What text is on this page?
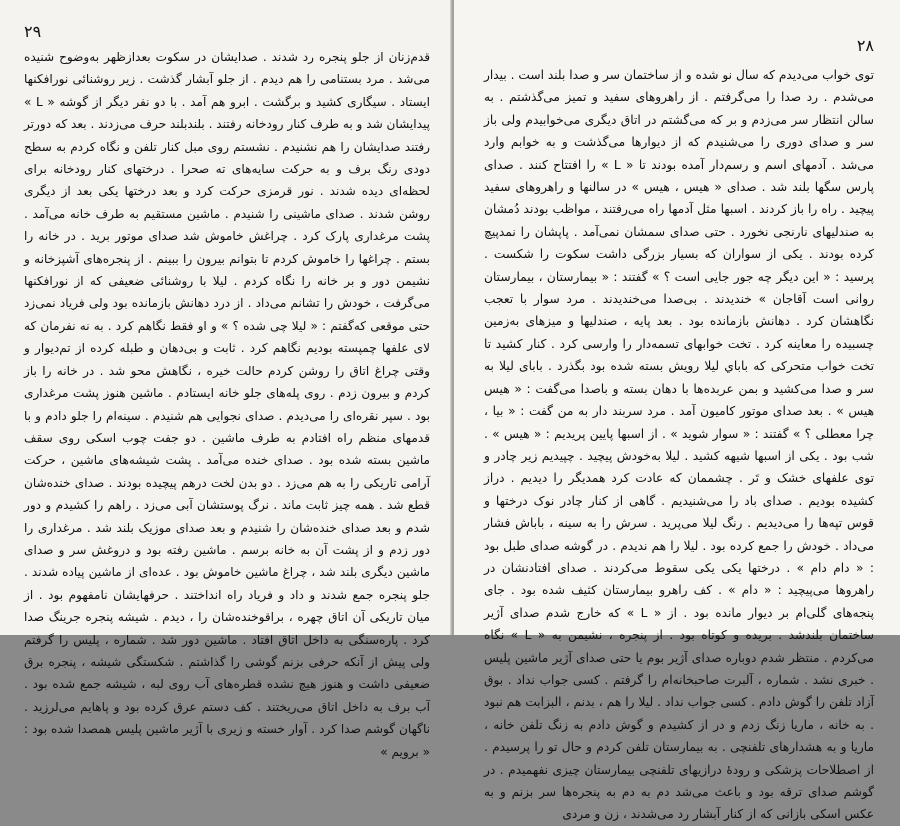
۲۹

قدم‌زنان از جلو پنجره رد شدند . صدایشان در سکوت بعدازظهر به‌وضوح شنیده می‌شد . مرد بستنامی را هم دیدم . از جلو آبشار گذشت . زیر روشنائی نورافکنها ایستاد . سیگاری کشید و برگشت . ابرو هم آمد . با دو نفر دیگر از گوشه « L » پیدایشان شد و به طرف کنار رودخانه رفتند . بلندبلند حرف می‌زدند . بعد که دورتر رفتند صدایشان را هم نشنیدم . نشستم روی مبل کنار تلفن و نگاه کردم به سطح دودی رنگ برف و به حرکت سایه‌های ته صحرا . درختهای کنار رودخانه برای لحظه‌ای دیده شدند . نور قرمزی حرکت کرد و بعد درختها یکی بعد از دیگری روشن شدند . صدای ماشینی را شنیدم . ماشین مستقیم به طرف خانه می‌آمد . پشت مرغداری پارک کرد . چراغش خاموش شد صدای موتور برید . در خانه را بستم . چراغها را خاموش کردم تا بتوانم بیرون را ببینم . از پنجره‌های آشپزخانه و نشیمن دور و بر خانه را نگاه کردم . لیلا با روشنائی ضعیفی که از نورافکنها می‌گرفت ، خودش را تشانم می‌داد . از درد دهانش بازمانده بود ولی فریاد نمی‌زد حتی موقعی که‌گفتم : « لیلا چی شده ؟ » و او فقط نگاهم کرد . به نه نفرمان که لای علفها چمپسته بودیم نگاهم کرد . ثابت و بی‌دهان و طبله کرده از تم‌دیوار و وقتی چراغ اتاق را روشن کردم حالت خیره ، نگاهش محو شد . در خانه را باز کردم و بیرون زدم . روی پله‌های جلو خانه ایستادم . ماشین هنوز پشت مرغداری بود . سپر نقره‌ای را می‌دیدم . صدای نجوایی هم شنیدم . سینه‌ام را جلو دادم و با قدمهای منظم راه افتادم به طرف ماشین . دو جفت چوب اسکی روی سقف ماشین بسته شده بود . صدای خنده می‌آمد . پشت شیشه‌های ماشین ، حرکت آرامی تاریکی را به هم می‌زد . دو بدن لخت درهم پیچیده بودند . صدای خنده‌شان قطع شد . همه چیز ثابت ماند . نرگ پوستشان آبی می‌زد . راهم را کشیدم و دور شدم و بعد صدای خنده‌شان را شنیدم و بعد صدای موزیک بلند شد . مرغداری را دور زدم و از پشت آن به خانه برسم . ماشین رفته بود و دروغش سر و صدای ماشین دیگری بلند شد ، چراغ ماشین خاموش بود . عده‌ای از ماشین پیاده شدند . جلو پنجره جمع شدند و داد و فریاد راه انداختند . حرفهایشان نامفهوم بود . از میان تاریکی آن اتاق چهره ، براقوخنده‌شان را ، دیدم . شیشه پنجره جرینگ صدا کرد . پاره‌سنگی به داخل اتاق افتاد . ماشین دور شد . شماره ، پلیس را گرفتم ولی پیش از آنکه حرفی بزنم گوشی را گذاشتم . شکستگی شیشه ، پنجره برق ضعیفی داشت و هنوز هیچ نشده قطره‌های آب روی لبه ، شیشه جمع شده بود . آب برف به داخل اتاق می‌ریختند . کف دستم عرق کرده بود و پاهایم می‌لرزید . ناگهان گوشم صدا کرد . آوار خسته و زیری با آژیر ماشین پلیس همصدا شده بود : « برویم »

۲۸

توی خواب می‌دیدم که سال نو شده و از ساختمان سر و صدا بلند است . بیدار می‌شدم . رد صدا را می‌گرفتم . از راهروهای سفید و تمیز می‌گذشتم . به سالن انتظار سر می‌زدم و بر که می‌گشتم در اتاق دیگری می‌خوابیدم ولی باز سر و صدای دوری را می‌شنیدم که از دیوارها می‌گذشت و به خوابم وارد می‌شد . آدمهای اسم و رسم‌دار آمده بودند تا « L » را افتتاح کنند . صدای پارس سگها بلند شد . صدای « هیس ، هیس » در سالنها و راهروهای سفید پیچید . راه را باز کردند . اسبها مثل آدمها راه می‌رفتند ، مواظب بودند دُمشان به صندلیهای نارنجی نخورد . حتی صدای سمشان نمی‌آمد . پاپشان را نمدپیچ کرده بودند . یکی از سواران که بسیار بزرگی داشت سکوت را شکست . پرسید : « این دیگر چه جور جایی است ؟ » گفتند : « بیمارستان ، بیمارستان روانی است آقاجان » خندیدند . بی‌صدا می‌خندیدند . مرد سوار با تعجب نگاهشان کرد . دهانش بازمانده بود . بعد پایه ، صندلیها و میزهای به‌زمین چسبیده را معاینه کرد . تخت خوابهای تسمه‌دار را وارسی کرد . کنار کشید تا تخت خواب متحرکی که باباي لیلا رویش بسته شده بود بگذرد . بابای لیلا به سر و صدا می‌کشید و بمن عربده‌ها با دهان بسته و باصدا می‌گفت : « هیس هیس » . بعد صدای موتور کامیون آمد . مرد سربند دار به من گفت : « بیا ، چرا معطلی ؟ » گفتند : « سوار شوید » . از اسبها پایین پریدیم : « هیس » . شب بود . یکی از اسبها شیهه کشید . لیلا به‌خودش پیچید . چپیدیم زیر چادر و توی علفهای خشک و تَر . چشممان که عادت کرد همدیگر را دیدیم . دراز کشیده بودیم . صدای باد را می‌شنیدیم . گاهی از کنار چادر نوک درختها و قوس تپه‌ها را می‌دیدیم . رنگ لیلا می‌پرید . سرش را به سینه ، باباش فشار می‌داد . خودش را جمع کرده بود . لیلا را هم ندیدم . در گوشه صدای طبل بود : « دام دام » . درختها یکی یکی سقوط می‌کردند . صدای افتادنشان در راهروها می‌پیچید : « دام » . کف راهرو بیمارستان کثیف شده بود . جای پنجه‌های گلی‌ام بر دیوار مانده بود . از « L » که خارج شدم صدای آژیر ساختمان بلندشد . بریده و کوتاه بود . از پنجره ، نشیمن به « L » نگاه می‌کردم . منتظر شدم دوباره صدای آژیر بوم یا حتی صدای آژیر ماشین پلیس . خبری نشد . شماره ، آلبرت صاحبخانه‌ام را گرفتم . کسی جواب نداد . بوق آزاد تلفن را گوش دادم . کسی جواب نداد . لیلا را هم ، بدنم ، البزابت هم نبود . به خانه ، ماریا زنگ زدم و در از کشیدم و گوش دادم به زنگ تلفن خانه ، ماریا و به هشدارهای تلفنچی . به بیمارستان تلفن کردم و حال تو را پرسیدم . از اصطلاحات پزشکی و رودهٔ درازیهای تلفنچی بیمارستان چیزی نفهمیدم . در گوشم صدای ترقه بود و باعث می‌شد دم به دم به پنجره‌ها سر بزنم و به عکس اسکی بازانی که از کنار آبشار رد می‌شدند ، زن و مردی
